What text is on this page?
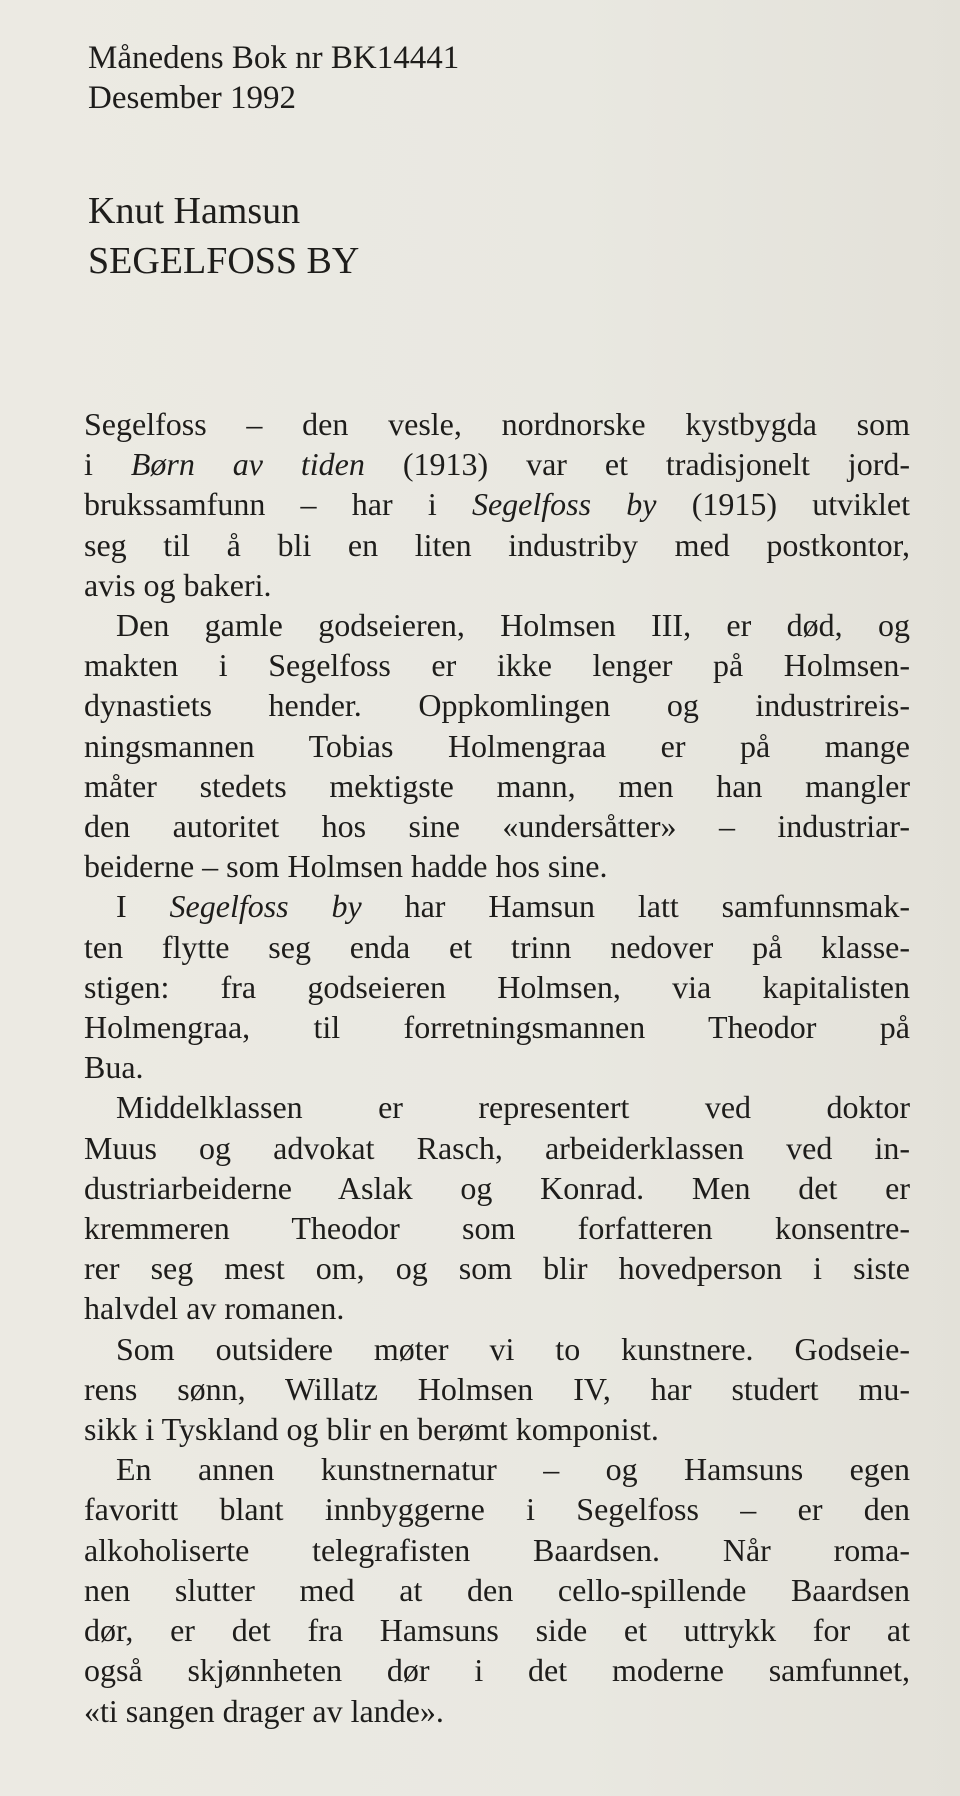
Månedens Bok nr BK14441
Desember 1992
Knut Hamsun
SEGELFOSS BY
Segelfoss – den vesle, nordnorske kystbygda som
i Børn av tiden (1913) var et tradisjonelt jord-
brukssamfunn – har i Segelfoss by (1915) utviklet
seg til å bli en liten industriby med postkontor,
avis og bakeri.
Den gamle godseieren, Holmsen III, er død, og
makten i Segelfoss er ikke lenger på Holmsen-
dynastiets hender. Oppkomlingen og industrireis-
ningsmannen Tobias Holmengraa er på mange
måter stedets mektigste mann, men han mangler
den autoritet hos sine «undersåtter» – industriar-
beiderne – som Holmsen hadde hos sine.
I Segelfoss by har Hamsun latt samfunnsmak-
ten flytte seg enda et trinn nedover på klasse-
stigen: fra godseieren Holmsen, via kapitalisten
Holmengraa, til forretningsmannen Theodor på
Bua.
Middelklassen er representert ved doktor
Muus og advokat Rasch, arbeiderklassen ved in-
dustriarbeiderne Aslak og Konrad. Men det er
kremmeren Theodor som forfatteren konsentre-
rer seg mest om, og som blir hovedperson i siste
halvdel av romanen.
Som outsidere møter vi to kunstnere. Godseie-
rens sønn, Willatz Holmsen IV, har studert mu-
sikk i Tyskland og blir en berømt komponist.
En annen kunstnernatur – og Hamsuns egen
favoritt blant innbyggerne i Segelfoss – er den
alkoholiserte telegrafisten Baardsen. Når roma-
nen slutter med at den cello-spillende Baardsen
dør, er det fra Hamsuns side et uttrykk for at
også skjønnheten dør i det moderne samfunnet,
«ti sangen drager av lande».
